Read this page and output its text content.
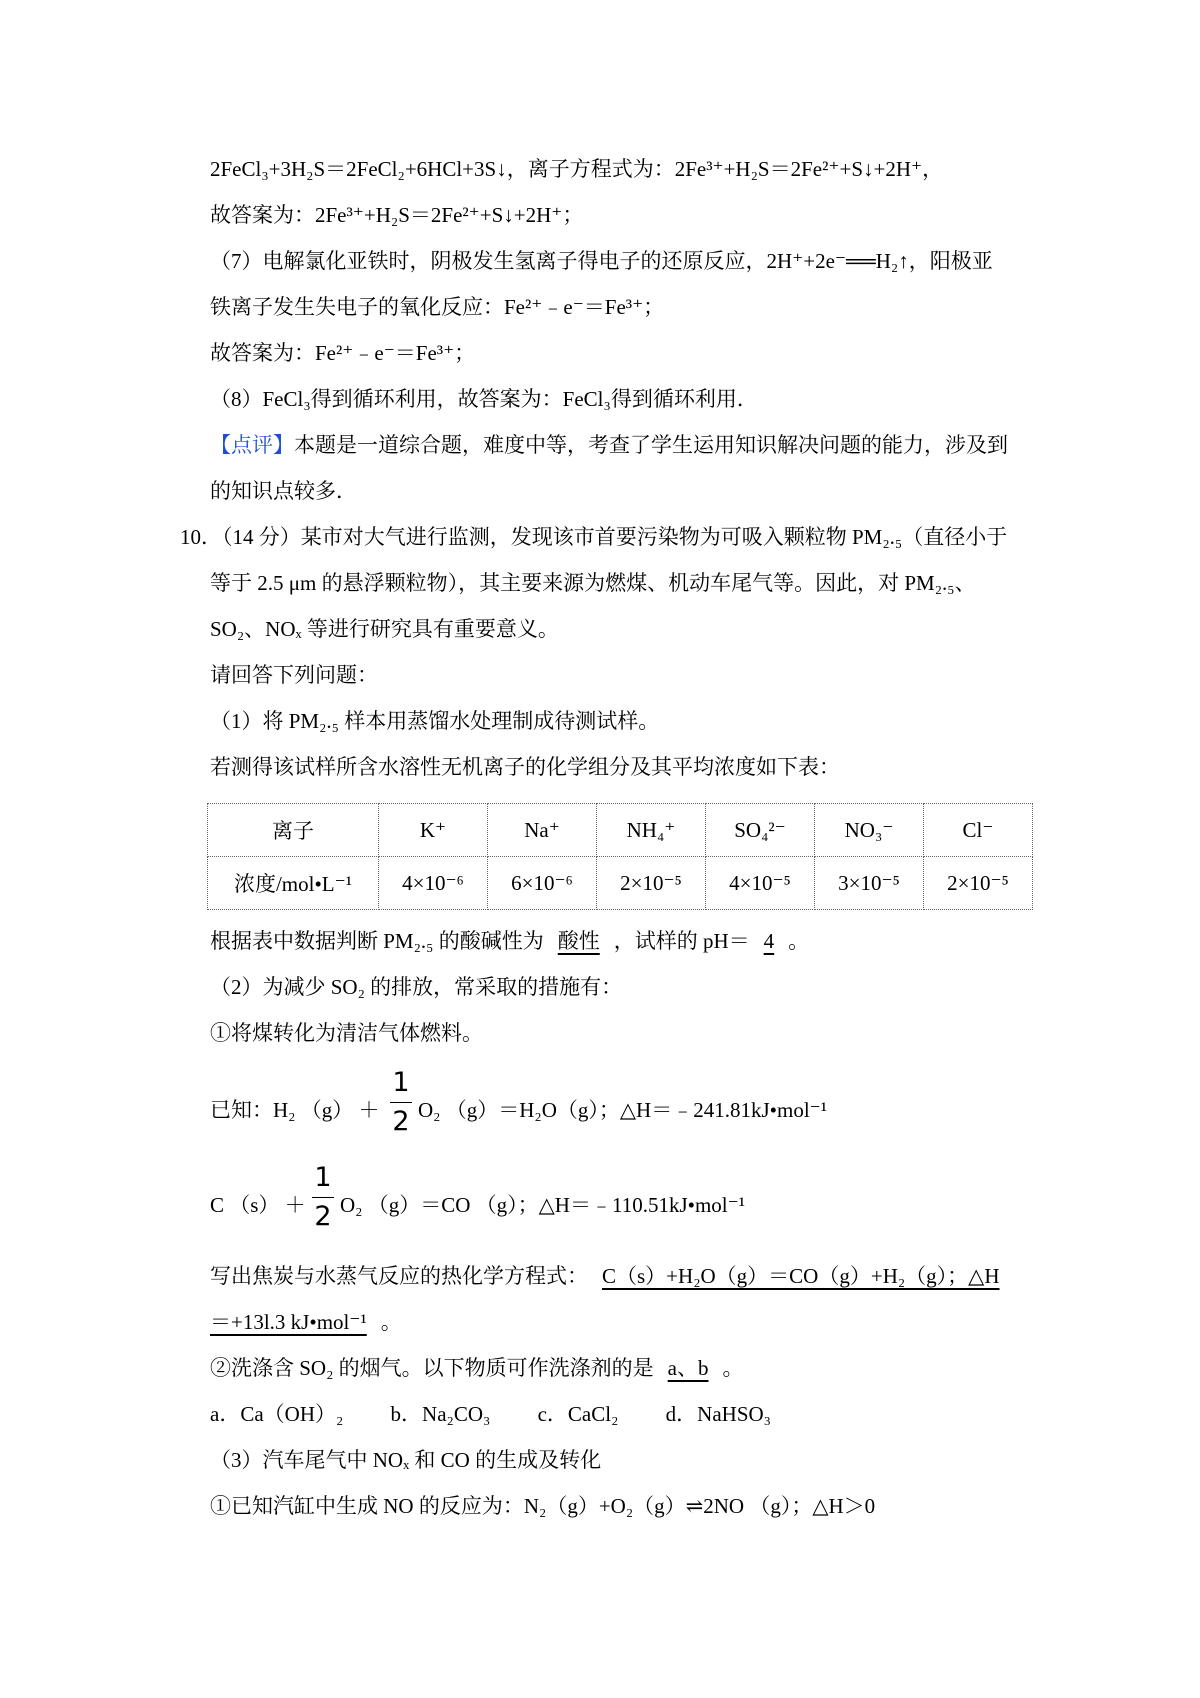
2FeCl₃+3H₂S＝2FeCl₂+6HCl+3S↓，离子方程式为：2Fe³⁺+H₂S＝2Fe²⁺+S↓+2H⁺，
故答案为：2Fe³⁺+H₂S＝2Fe²⁺+S↓+2H⁺；
（7）电解氯化亚铁时，阴极发生氢离子得电子的还原反应，2H⁺+2e⁻══H₂↑，阳极亚
铁离子发生失电子的氧化反应：Fe²⁺﹣e⁻＝Fe³⁺；
故答案为：Fe²⁺﹣e⁻＝Fe³⁺；
（8）FeCl₃得到循环利用，故答案为：FeCl₃得到循环利用．
【点评】本题是一道综合题，难度中等，考查了学生运用知识解决问题的能力，涉及到
的知识点较多．
10．（14 分）某市对大气进行监测，发现该市首要污染物为可吸入颗粒物 PM₂.₅（直径小于
等于 2.5 μm 的悬浮颗粒物），其主要来源为燃煤、机动车尾气等。因此，对 PM₂.₅、
SO₂、NOₓ 等进行研究具有重要意义。
请回答下列问题：
（1）将 PM₂.₅ 样本用蒸馏水处理制成待测试样。
若测得该试样所含水溶性无机离子的化学组分及其平均浓度如下表：
离子	K⁺	Na⁺	NH₄⁺	SO₄²⁻	NO₃⁻	Cl⁻
浓度/mol•L⁻¹	4×10⁻⁶	6×10⁻⁶	2×10⁻⁵	4×10⁻⁵	3×10⁻⁵	2×10⁻⁵
根据表中数据判断 PM₂.₅ 的酸碱性为 酸性 ，试样的 pH＝ 4 。
（2）为减少 SO₂ 的排放，常采取的措施有：
①将煤转化为清洁气体燃料。
已知：H₂ （g） ＋
1
2 O₂ （g）＝H₂O（g）；△H＝﹣241.81kJ•mol⁻¹
C （s） ＋
1
2 O₂ （g）＝CO （g）；△H＝﹣110.51kJ•mol⁻¹
写出焦炭与水蒸气反应的热化学方程式： C（s）+H₂O（g）＝CO（g）+H₂（g）；△H
＝+13l.3 kJ•mol⁻¹ 。
②洗涤含 SO₂ 的烟气。以下物质可作洗涤剂的是 a、b 。
a．Ca（OH）₂　　 b．Na₂CO₃　　 c．CaCl₂　　 d．NaHSO₃
（3）汽车尾气中 NOₓ 和 CO 的生成及转化
①已知汽缸中生成 NO 的反应为：N₂（g）+O₂（g）⇌2NO （g）；△H＞0
